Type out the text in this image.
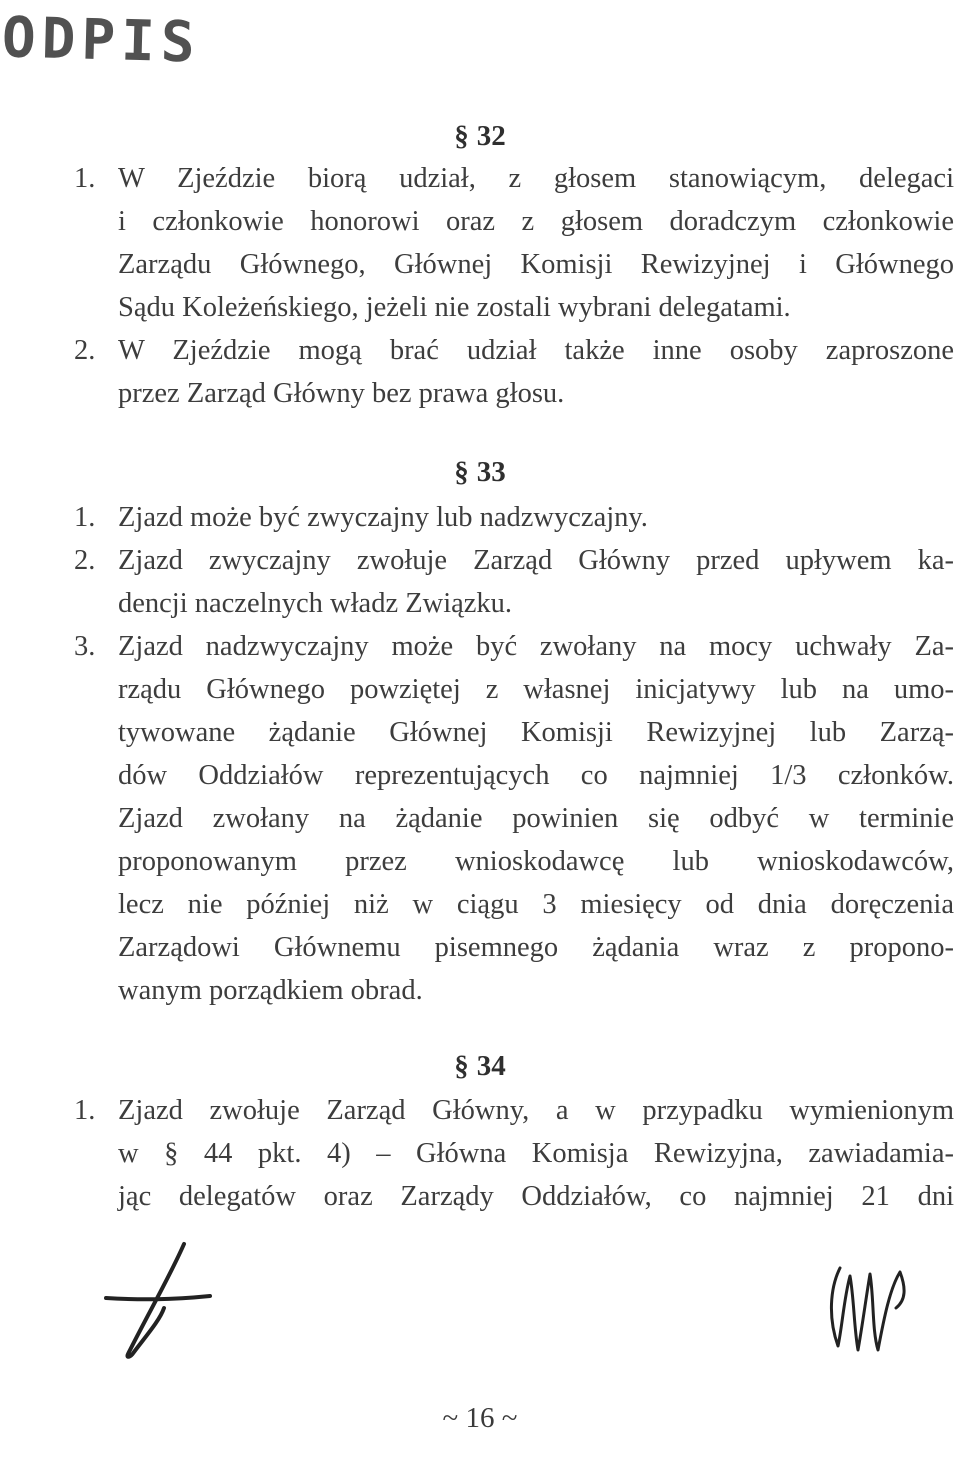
ODPIS
§ 32
1. W Zjeździe biorą udział, z głosem stanowiącym, delegaci
i członkowie honorowi oraz z głosem doradczym członkowie
Zarządu Głównego, Głównej Komisji Rewizyjnej i Głównego
Sądu Koleżeńskiego, jeżeli nie zostali wybrani delegatami.
2. W Zjeździe mogą brać udział także inne osoby zaproszone
przez Zarząd Główny bez prawa głosu.
§ 33
1. Zjazd może być zwyczajny lub nadzwyczajny.
2. Zjazd zwyczajny zwołuje Zarząd Główny przed upływem ka-
dencji naczelnych władz Związku.
3. Zjazd nadzwyczajny może być zwołany na mocy uchwały Za-
rządu Głównego powziętej z własnej inicjatywy lub na umo-
tywowane żądanie Głównej Komisji Rewizyjnej lub Zarzą-
dów Oddziałów reprezentujących co najmniej 1/3 członków.
Zjazd zwołany na żądanie powinien się odbyć w terminie
proponowanym przez wnioskodawcę lub wnioskodawców,
lecz nie później niż w ciągu 3 miesięcy od dnia doręczenia
Zarządowi Głównemu pisemnego żądania wraz z propono-
wanym porządkiem obrad.
§ 34
1. Zjazd zwołuje Zarząd Główny, a w przypadku wymienionym
w § 44 pkt. 4) – Główna Komisja Rewizyjna, zawiadamia-
jąc delegatów oraz Zarządy Oddziałów, co najmniej 21 dni
~ 16 ~
